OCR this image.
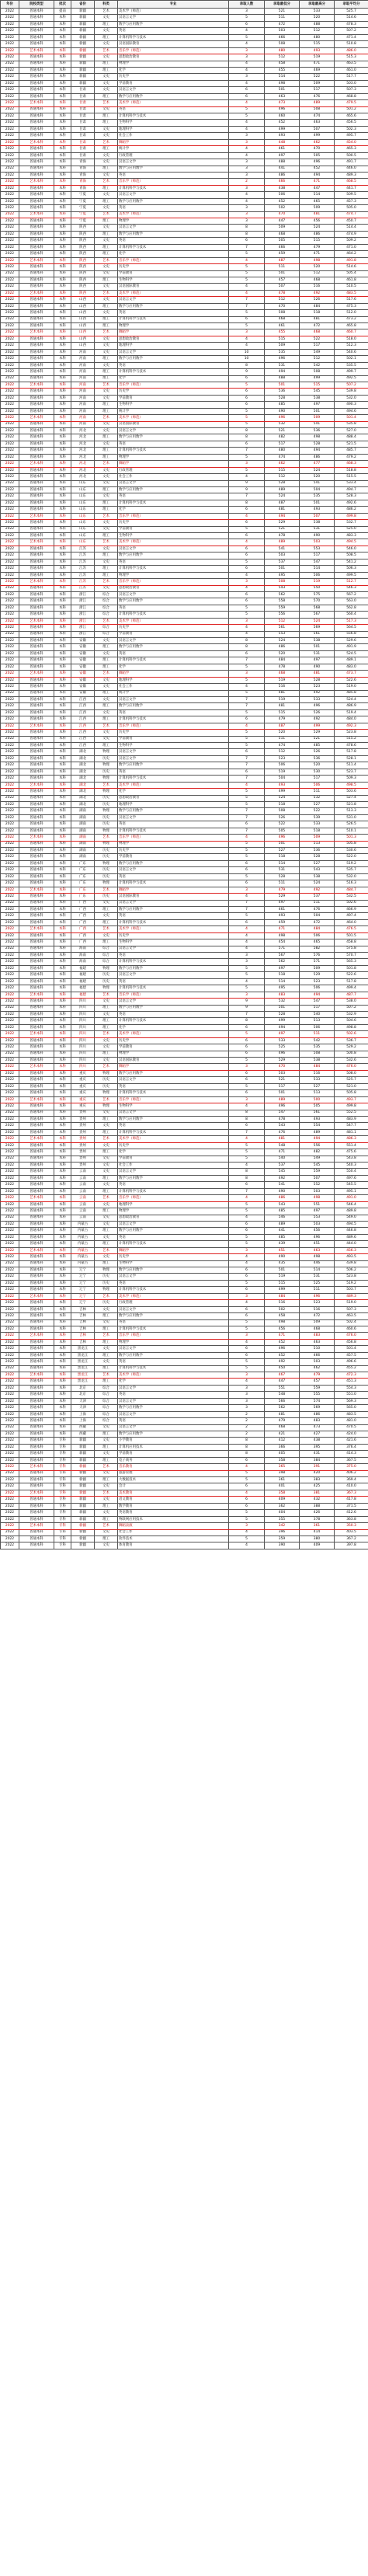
年份	院校类型	批次	省份	科类	专业	录取人数	录取最低分	录取最高分	录取平均分
2022	普通本科	提前	新疆	艺术	美术学（师范）	3	521	533	525.7
2022	普通本科	本科	新疆	文史	汉语言文学	5	511	520	514.6
2022	普通本科	本科	新疆	理工	数学与应用数学	6	472	488	478.3
2022	普通本科	本科	新疆	文史	英语	4	503	512	507.2
2022	普通本科	本科	新疆	理工	计算机科学与技术	5	466	480	471.4
2022	普通本科	本科	新疆	文史	汉语国际教育	4	508	515	510.8
2022	艺术本科	本科	新疆	艺术	音乐学（师范）	3	480	493	486.0
2022	普通本科	本科	新疆	文史	思想政治教育	3	512	519	515.3
2022	普通本科	本科	新疆	理工	物理学	4	458	471	463.5
2022	普通本科	本科	新疆	理工	化学	4	455	469	461.0
2022	普通本科	本科	新疆	文史	历史学	3	514	522	517.7
2022	普通本科	本科	新疆	文史	学前教育	4	498	509	503.0
2022	普通本科	本科	甘肃	文史	汉语言文学	6	501	517	507.3
2022	普通本科	本科	甘肃	理工	数学与应用数学	6	463	476	468.8
2022	艺术本科	本科	甘肃	艺术	美术学（师范）	4	473	489	479.5
2022	普通本科	本科	甘肃	文史	英语	5	496	508	501.2
2022	普通本科	本科	甘肃	理工	计算机科学与技术	5	460	474	465.6
2022	普通本科	本科	甘肃	理工	生物科学	4	452	463	456.5
2022	普通本科	本科	甘肃	文史	地理科学	4	499	507	502.3
2022	普通本科	本科	甘肃	文史	社会工作	3	493	499	495.7
2022	艺术本科	本科	甘肃	艺术	舞蹈学	3	448	462	454.0
2022	普通本科	本科	甘肃	理工	统计学	4	461	470	465.3
2022	普通本科	本科	甘肃	文史	行政管理	4	497	505	500.5
2022	普通本科	本科	青海	文史	汉语言文学	3	488	496	491.7
2022	普通本科	本科	青海	理工	数学与应用数学	3	441	452	446.0
2022	普通本科	本科	青海	文史	英语	3	486	494	489.3
2022	艺术本科	本科	青海	艺术	音乐学（师范）	2	466	471	468.5
2022	普通本科	本科	青海	理工	计算机科学与技术	3	438	447	441.7
2022	普通本科	本科	宁夏	文史	汉语言文学	4	506	514	509.5
2022	普通本科	本科	宁夏	理工	数学与应用数学	4	452	465	457.3
2022	普通本科	本科	宁夏	文史	英语	3	502	509	505.0
2022	艺术本科	本科	宁夏	艺术	美术学（师范）	3	470	481	474.7
2022	普通本科	本科	宁夏	理工	物理学	3	447	456	450.7
2022	普通本科	本科	陕西	文史	汉语言文学	8	509	524	514.4
2022	普通本科	本科	陕西	理工	数学与应用数学	8	468	486	474.9
2022	普通本科	本科	陕西	文史	英语	6	505	515	509.2
2022	普通本科	本科	陕西	理工	计算机科学与技术	7	466	479	471.0
2022	普通本科	本科	陕西	理工	化学	5	459	471	464.2
2022	艺术本科	本科	陕西	艺术	音乐学（师范）	4	487	498	491.8
2022	普通本科	本科	陕西	文史	历史学	5	511	520	514.6
2022	普通本科	本科	陕西	文史	学前教育	5	501	512	505.4
2022	普通本科	本科	陕西	理工	生物科学	5	457	468	461.8
2022	普通本科	本科	陕西	文史	汉语国际教育	4	507	516	510.5
2022	艺术本科	本科	陕西	艺术	美术学（师范）	4	478	492	483.5
2022	普通本科	本科	山西	文史	汉语言文学	7	512	526	517.6
2022	普通本科	本科	山西	理工	数学与应用数学	7	470	484	475.3
2022	普通本科	本科	山西	文史	英语	5	508	518	512.0
2022	普通本科	本科	山西	理工	计算机科学与技术	6	468	481	473.2
2022	普通本科	本科	山西	理工	物理学	5	461	472	465.8
2022	艺术本科	本科	山西	艺术	舞蹈学	3	455	468	460.7
2022	普通本科	本科	山西	文史	思想政治教育	4	515	522	518.0
2022	普通本科	本科	山西	文史	地理科学	4	509	517	512.3
2022	普通本科	本科	河南	文史	汉语言文学	10	535	549	540.6
2022	普通本科	本科	河南	理工	数学与应用数学	10	496	512	502.1
2022	普通本科	本科	河南	文史	英语	8	531	542	535.5
2022	普通本科	本科	河南	理工	计算机科学与技术	9	494	508	499.7
2022	普通本科	本科	河南	理工	化学	6	488	499	492.5
2022	艺术本科	本科	河南	艺术	音乐学（师范）	5	501	515	507.2
2022	普通本科	本科	河南	文史	历史学	6	536	545	539.8
2022	普通本科	本科	河南	文史	学前教育	6	528	538	532.0
2022	普通本科	本科	河南	理工	生物科学	6	485	497	490.3
2022	普通本科	本科	河南	理工	统计学	5	490	501	494.6
2022	艺术本科	本科	河南	艺术	美术学（师范）	5	496	509	501.4
2022	普通本科	本科	河南	文史	汉语国际教育	5	532	541	535.8
2022	普通本科	本科	河北	文史	汉语言文学	8	521	536	527.0
2022	普通本科	本科	河北	理工	数学与应用数学	8	482	498	488.4
2022	普通本科	本科	河北	文史	英语	6	517	528	521.5
2022	普通本科	本科	河北	理工	计算机科学与技术	7	480	494	485.7
2022	普通本科	本科	河北	理工	物理学	5	474	486	479.2
2022	艺术本科	本科	河北	艺术	舞蹈学	3	462	477	468.3
2022	普通本科	本科	河北	文史	行政管理	5	515	524	518.8
2022	普通本科	本科	河北	文史	社会工作	4	512	520	515.5
2022	普通本科	本科	山东	文史	汉语言文学	9	528	541	533.4
2022	普通本科	本科	山东	理工	数学与应用数学	9	489	504	494.7
2022	普通本科	本科	山东	文史	英语	7	524	535	528.3
2022	普通本科	本科	山东	理工	计算机科学与技术	8	487	501	492.6
2022	普通本科	本科	山东	理工	化学	6	481	493	486.2
2022	艺术本科	本科	山东	艺术	音乐学（师范）	4	494	507	499.8
2022	普通本科	本科	山东	文史	历史学	6	529	538	532.7
2022	普通本科	本科	山东	文史	学前教育	5	521	531	525.0
2022	普通本科	本科	山东	理工	生物科学	6	478	490	483.3
2022	艺术本科	本科	山东	艺术	美术学（师范）	4	489	503	494.5
2022	普通本科	本科	江苏	文史	汉语言文学	6	541	553	546.0
2022	普通本科	本科	江苏	理工	数学与应用数学	6	503	517	508.5
2022	普通本科	本科	江苏	文史	英语	5	537	547	541.2
2022	普通本科	本科	江苏	理工	计算机科学与技术	6	501	514	506.3
2022	普通本科	本科	江苏	理工	物理学	4	495	506	499.5
2022	艺术本科	本科	江苏	艺术	音乐学（师范）	3	508	519	512.7
2022	普通本科	本科	江苏	文史	思想政治教育	4	543	550	546.3
2022	普通本科	本科	浙江	综合	汉语言文学	6	562	575	567.2
2022	普通本科	本科	浙江	综合	数学与应用数学	6	558	570	563.0
2022	普通本科	本科	浙江	综合	英语	5	559	568	562.8
2022	普通本科	本科	浙江	综合	计算机科学与技术	5	556	567	560.4
2022	艺术本科	本科	浙江	艺术	美术学（师范）	3	512	524	517.3
2022	普通本科	本科	浙江	综合	历史学	4	561	569	564.5
2022	普通本科	本科	浙江	综合	学前教育	4	553	561	556.8
2022	普通本科	本科	安徽	文史	汉语言文学	8	524	538	529.6
2022	普通本科	本科	安徽	理工	数学与应用数学	8	486	501	491.9
2022	普通本科	本科	安徽	文史	英语	6	520	531	524.5
2022	普通本科	本科	安徽	理工	计算机科学与技术	7	484	497	489.1
2022	普通本科	本科	安徽	理工	化学	5	478	490	483.0
2022	艺术本科	本科	安徽	艺术	舞蹈学	3	468	481	473.7
2022	普通本科	本科	安徽	文史	地理科学	5	519	528	522.6
2022	普通本科	本科	安徽	文史	社会工作	4	516	523	519.0
2022	普通本科	本科	安徽	理工	统计学	5	481	492	485.8
2022	普通本科	本科	江西	文史	汉语言文学	7	519	533	524.4
2022	普通本科	本科	江西	理工	数学与应用数学	7	481	496	486.9
2022	普通本科	本科	江西	文史	英语	5	515	526	519.4
2022	普通本科	本科	江西	理工	计算机科学与技术	6	479	492	484.0
2022	艺术本科	本科	江西	艺术	音乐学（师范）	4	487	499	492.3
2022	普通本科	本科	江西	文史	历史学	5	520	529	523.8
2022	普通本科	本科	江西	文史	学前教育	5	511	521	515.2
2022	普通本科	本科	江西	理工	生物科学	5	474	485	478.6
2022	普通本科	本科	湖北	物理	汉语言文学	6	512	526	517.8
2022	普通本科	本科	湖北	历史	汉语言文学	7	523	536	528.1
2022	普通本科	本科	湖北	物理	数学与应用数学	7	506	520	511.4
2022	普通本科	本科	湖北	历史	英语	6	519	530	523.7
2022	普通本科	本科	湖北	物理	计算机科学与技术	7	504	517	509.3
2022	艺术本科	本科	湖北	艺术	美术学（师范）	4	493	506	498.5
2022	普通本科	本科	湖北	物理	化学	5	499	511	503.6
2022	普通本科	本科	湖北	历史	思想政治教育	5	524	532	527.4
2022	普通本科	本科	湖北	历史	地理科学	5	518	527	521.8
2022	普通本科	本科	湖南	物理	数学与应用数学	7	508	522	513.3
2022	普通本科	本科	湖南	历史	汉语言文学	7	526	539	531.0
2022	普通本科	本科	湖南	历史	英语	6	522	533	526.5
2022	普通本科	本科	湖南	物理	计算机科学与技术	7	505	518	510.1
2022	艺术本科	本科	湖南	艺术	音乐学（师范）	4	496	509	501.3
2022	普通本科	本科	湖南	物理	物理学	5	501	513	505.8
2022	普通本科	本科	湖南	历史	历史学	5	527	536	530.6
2022	普通本科	本科	湖南	历史	学前教育	5	518	528	522.0
2022	普通本科	本科	广东	物理	数学与应用数学	6	514	527	519.2
2022	普通本科	本科	广东	历史	汉语言文学	6	531	543	535.7
2022	普通本科	本科	广东	历史	英语	5	528	538	532.0
2022	普通本科	本科	广东	物理	计算机科学与技术	6	511	524	516.3
2022	艺术本科	本科	广东	艺术	舞蹈学	3	479	492	484.7
2022	普通本科	本科	广东	历史	汉语国际教育	4	529	537	532.5
2022	普通本科	本科	广西	文史	汉语言文学	7	497	511	502.6
2022	普通本科	本科	广西	理工	数学与应用数学	7	461	476	466.9
2022	普通本科	本科	广西	文史	英语	5	493	504	497.4
2022	普通本科	本科	广西	理工	计算机科学与技术	6	459	472	464.0
2022	艺术本科	本科	广西	艺术	美术学（师范）	4	471	484	476.5
2022	普通本科	本科	广西	文史	历史学	4	498	506	501.5
2022	普通本科	本科	广西	理工	生物科学	4	454	465	458.8
2022	普通本科	本科	海南	综合	汉语言文学	4	571	582	575.8
2022	普通本科	本科	海南	综合	英语	3	567	576	570.7
2022	普通本科	本科	海南	综合	计算机科学与技术	3	562	571	565.3
2022	普通本科	本科	福建	物理	数学与应用数学	5	497	509	501.8
2022	普通本科	本科	福建	历史	汉语言文学	5	518	529	522.6
2022	普通本科	本科	福建	历史	英语	4	514	523	517.8
2022	普通本科	本科	福建	物理	计算机科学与技术	5	495	506	499.4
2022	艺术本科	本科	福建	艺术	音乐学（师范）	3	483	494	487.7
2022	普通本科	本科	四川	文史	汉语言文学	9	532	547	538.0
2022	普通本科	本科	四川	理工	数学与应用数学	9	501	517	507.2
2022	普通本科	本科	四川	文史	英语	7	528	540	532.9
2022	普通本科	本科	四川	理工	计算机科学与技术	8	499	513	504.6
2022	普通本科	本科	四川	理工	化学	6	494	506	498.8
2022	艺术本科	本科	四川	艺术	美术学（师范）	5	497	511	502.6
2022	普通本科	本科	四川	文史	历史学	6	533	542	536.7
2022	普通本科	本科	四川	文史	学前教育	6	525	535	529.2
2022	普通本科	本科	四川	理工	物理学	6	496	508	500.8
2022	普通本科	本科	四川	文史	汉语国际教育	5	529	538	532.6
2022	艺术本科	本科	四川	艺术	舞蹈学	3	470	484	476.0
2022	普通本科	本科	重庆	物理	数学与应用数学	6	503	516	508.0
2022	普通本科	本科	重庆	历史	汉语言文学	6	521	533	525.7
2022	普通本科	本科	重庆	历史	英语	5	517	527	521.0
2022	普通本科	本科	重庆	物理	计算机科学与技术	6	501	513	505.8
2022	艺术本科	本科	重庆	艺术	音乐学（师范）	3	489	500	493.7
2022	普通本科	本科	重庆	物理	生物科学	4	496	505	499.8
2022	普通本科	本科	贵州	文史	汉语言文学	8	547	561	552.5
2022	普通本科	本科	贵州	理工	数学与应用数学	8	478	493	483.9
2022	普通本科	本科	贵州	文史	英语	6	543	554	547.7
2022	普通本科	本科	贵州	理工	计算机科学与技术	7	476	489	481.1
2022	艺术本科	本科	贵州	艺术	美术学（师范）	4	481	494	486.3
2022	普通本科	本科	贵州	文史	历史学	5	548	556	551.4
2022	普通本科	本科	贵州	理工	化学	5	471	482	475.6
2022	普通本科	本科	贵州	文史	学前教育	5	540	549	543.8
2022	普通本科	本科	贵州	文史	社会工作	4	537	545	540.3
2022	普通本科	本科	云南	文史	汉语言文学	8	545	559	550.4
2022	普通本科	本科	云南	理工	数学与应用数学	8	492	507	497.6
2022	普通本科	本科	云南	文史	英语	6	541	552	545.5
2022	普通本科	本科	云南	理工	计算机科学与技术	7	490	503	495.1
2022	艺术本科	本科	云南	艺术	音乐学（师范）	4	486	498	491.0
2022	普通本科	本科	云南	文史	地理科学	5	543	551	546.4
2022	普通本科	本科	云南	理工	物理学	5	485	497	489.8
2022	普通本科	本科	云南	文史	思想政治教育	4	546	553	549.0
2022	普通本科	本科	内蒙古	文史	汉语言文学	6	489	503	494.5
2022	普通本科	本科	内蒙古	理工	数学与应用数学	6	441	456	446.8
2022	普通本科	本科	内蒙古	文史	英语	5	485	496	489.6
2022	普通本科	本科	内蒙古	理工	计算机科学与技术	5	439	451	444.0
2022	艺术本科	本科	内蒙古	艺术	舞蹈学	3	451	463	456.3
2022	普通本科	本科	内蒙古	文史	历史学	4	490	498	493.5
2022	普通本科	本科	内蒙古	理工	生物科学	4	435	446	439.8
2022	普通本科	本科	辽宁	物理	数学与应用数学	6	501	514	506.2
2022	普通本科	本科	辽宁	历史	汉语言文学	6	519	531	523.8
2022	普通本科	本科	辽宁	历史	英语	5	515	525	519.2
2022	普通本科	本科	辽宁	物理	计算机科学与技术	6	499	511	503.7
2022	艺术本科	本科	辽宁	艺术	美术学（师范）	3	484	496	489.3
2022	普通本科	本科	辽宁	历史	行政管理	4	516	523	519.0
2022	普通本科	本科	吉林	文史	汉语言文学	6	502	516	507.3
2022	普通本科	本科	吉林	理工	数学与应用数学	6	458	472	463.5
2022	普通本科	本科	吉林	文史	英语	5	498	509	502.4
2022	普通本科	本科	吉林	理工	计算机科学与技术	5	456	468	460.6
2022	艺术本科	本科	吉林	艺术	音乐学（师范）	3	471	483	476.0
2022	普通本科	本科	吉林	理工	物理学	4	452	463	456.8
2022	普通本科	本科	黑龙江	文史	汉语言文学	6	496	510	501.4
2022	普通本科	本科	黑龙江	理工	数学与应用数学	6	452	466	457.5
2022	普通本科	本科	黑龙江	文史	英语	5	492	503	496.6
2022	普通本科	本科	黑龙江	理工	计算机科学与技术	5	450	462	455.2
2022	艺术本科	本科	黑龙江	艺术	美术学（师范）	3	467	479	472.3
2022	普通本科	本科	黑龙江	理工	化学	4	447	457	451.3
2022	普通本科	本科	北京	综合	汉语言文学	3	551	559	554.3
2022	普通本科	本科	北京	综合	英语	3	548	555	551.0
2022	普通本科	本科	天津	综合	汉语言文学	3	566	574	569.3
2022	普通本科	本科	天津	综合	数学与应用数学	3	562	569	565.0
2022	普通本科	本科	上海	综合	汉语言文学	2	481	486	483.5
2022	普通本科	本科	上海	综合	英语	2	479	483	481.0
2022	普通本科	本科	西藏	文史	汉语言文学	2	468	473	470.5
2022	普通本科	本科	西藏	理工	数学与应用数学	2	421	427	424.0
2022	普通本科	专科	新疆	文史	小学教育	8	412	438	421.6
2022	普通本科	专科	新疆	理工	计算机应用技术	8	366	395	376.4
2022	普通本科	专科	新疆	文史	学前教育	8	405	431	414.3
2022	普通本科	专科	新疆	理工	电子商务	6	358	384	367.5
2022	艺术本科	专科	新疆	艺术	音乐教育	4	365	391	375.0
2022	普通本科	专科	新疆	文史	旅游管理	5	398	420	406.2
2022	普通本科	专科	新疆	理工	大数据技术	5	361	383	369.4
2022	普通本科	专科	新疆	文史	会计	6	401	425	410.0
2022	艺术本科	专科	新疆	艺术	美术教育	4	358	381	367.3
2022	普通本科	专科	新疆	文史	语文教育	6	409	432	417.8
2022	普通本科	专科	新疆	理工	数学教育	6	362	388	371.5
2022	普通本科	专科	新疆	文史	英语教育	5	404	426	412.6
2022	普通本科	专科	新疆	理工	物联网应用技术	5	355	378	363.8
2022	艺术本科	专科	新疆	艺术	舞蹈表演	3	342	361	350.3
2022	普通本科	专科	新疆	文史	社会工作	4	396	414	403.5
2022	普通本科	专科	新疆	理工	软件技术	5	359	380	367.2
2022	普通本科	专科	新疆	文史	体育教育	4	390	409	397.8
